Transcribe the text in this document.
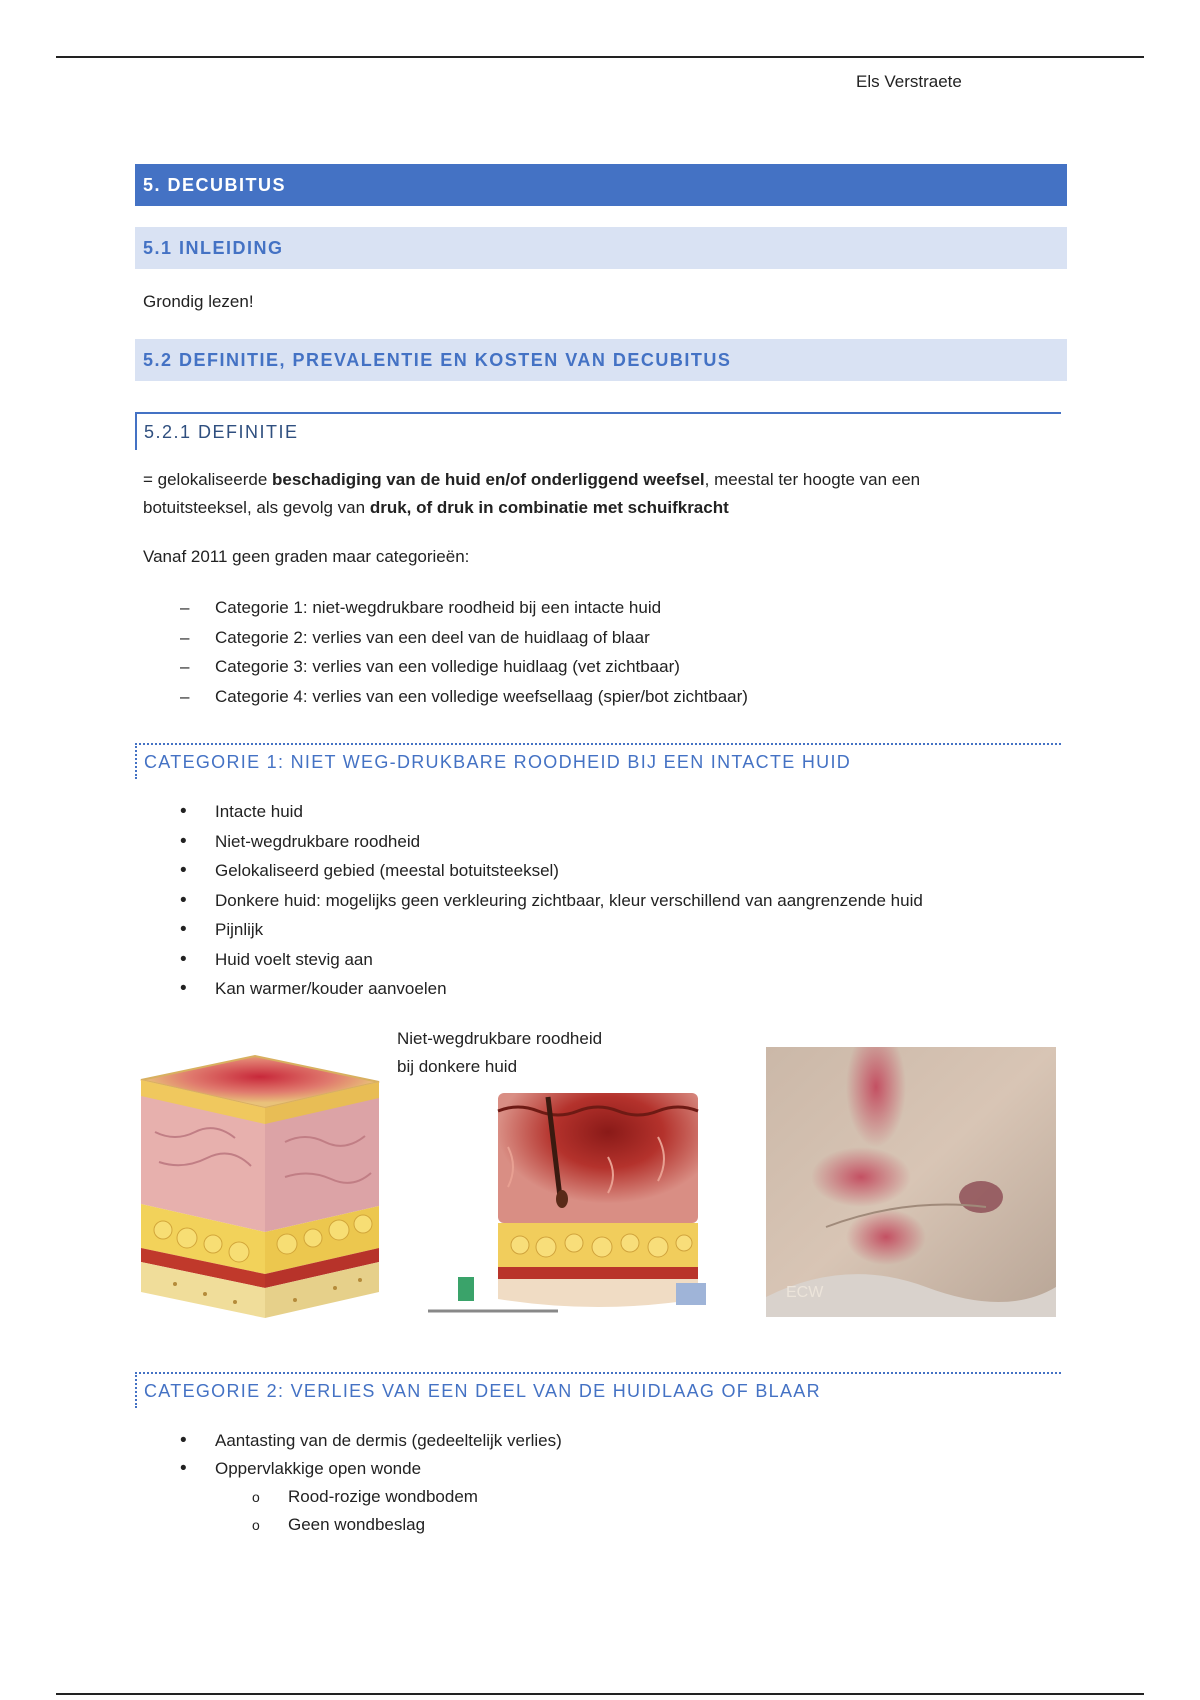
Els Verstraete
5. DECUBITUS
5.1 INLEIDING
Grondig lezen!
5.2 DEFINITIE, PREVALENTIE EN KOSTEN VAN DECUBITUS
5.2.1 DEFINITIE
= gelokaliseerde beschadiging van de huid en/of onderliggend weefsel, meestal ter hoogte van een
botuitsteeksel, als gevolg van druk, of druk in combinatie met schuifkracht
Vanaf 2011 geen graden maar categorieën:
– Categorie 1: niet-wegdrukbare roodheid bij een intacte huid
– Categorie 2: verlies van een deel van de huidlaag of blaar
– Categorie 3: verlies van een volledige huidlaag (vet zichtbaar)
– Categorie 4: verlies van een volledige weefsellaag (spier/bot zichtbaar)
CATEGORIE 1: NIET WEG-DRUKBARE ROODHEID BIJ EEN INTACTE HUID
• Intacte huid
• Niet-wegdrukbare roodheid
• Gelokaliseerd gebied (meestal botuitsteeksel)
• Donkere huid: mogelijks geen verkleuring zichtbaar, kleur verschillend van aangrenzende huid
• Pijnlijk
• Huid voelt stevig aan
• Kan warmer/kouder aanvoelen
Niet-wegdrukbare roodheid
bij donkere huid
ECW
CATEGORIE 2: VERLIES VAN EEN DEEL VAN DE HUIDLAAG OF BLAAR
• Aantasting van de dermis (gedeeltelijk verlies)
• Oppervlakkige open wonde
o Rood-rozige wondbodem
o Geen wondbeslag
